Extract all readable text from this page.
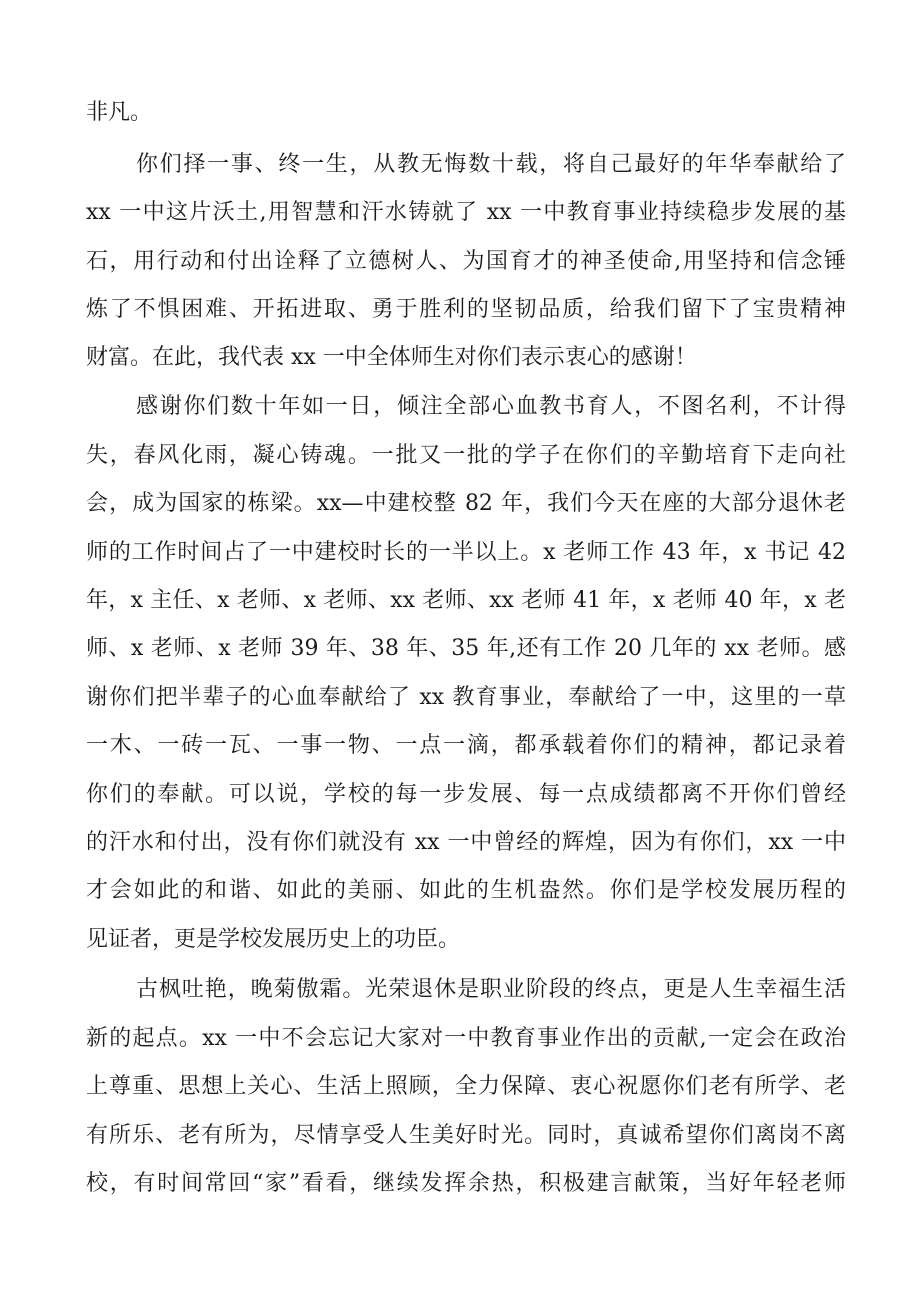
非凡。
你们择一事、终一生，从教无悔数十载，将自己最好的年华奉献给了
xx 一中这片沃土,用智慧和汗水铸就了 xx 一中教育事业持续稳步发展的基
石，用行动和付出诠释了立德树人、为国育才的神圣使命,用坚持和信念锤
炼了不惧困难、开拓进取、勇于胜利的坚韧品质，给我们留下了宝贵精神
财富。在此，我代表 xx 一中全体师生对你们表示衷心的感谢！
感谢你们数十年如一日，倾注全部心血教书育人，不图名利，不计得
失，春风化雨，凝心铸魂。一批又一批的学子在你们的辛勤培育下走向社
会，成为国家的栋梁。xx—中建校整 82 年，我们今天在座的大部分退休老
师的工作时间占了一中建校时长的一半以上。x 老师工作 43 年，x 书记 42
年，x 主任、x 老师、x 老师、xx 老师、xx 老师 41 年，x 老师 40 年，x 老
师、x 老师、x 老师 39 年、38 年、35 年,还有工作 20 几年的 xx 老师。感
谢你们把半辈子的心血奉献给了 xx 教育事业，奉献给了一中，这里的一草
一木、一砖一瓦、一事一物、一点一滴，都承载着你们的精神，都记录着
你们的奉献。可以说，学校的每一步发展、每一点成绩都离不开你们曾经
的汗水和付出，没有你们就没有 xx 一中曾经的辉煌，因为有你们，xx 一中
才会如此的和谐、如此的美丽、如此的生机盎然。你们是学校发展历程的
见证者，更是学校发展历史上的功臣。
古枫吐艳，晚菊傲霜。光荣退休是职业阶段的终点，更是人生幸福生活
新的起点。xx 一中不会忘记大家对一中教育事业作出的贡献,一定会在政治
上尊重、思想上关心、生活上照顾，全力保障、衷心祝愿你们老有所学、老
有所乐、老有所为，尽情享受人生美好时光。同时，真诚希望你们离岗不离
校，有时间常回“家”看看，继续发挥余热，积极建言献策，当好年轻老师
